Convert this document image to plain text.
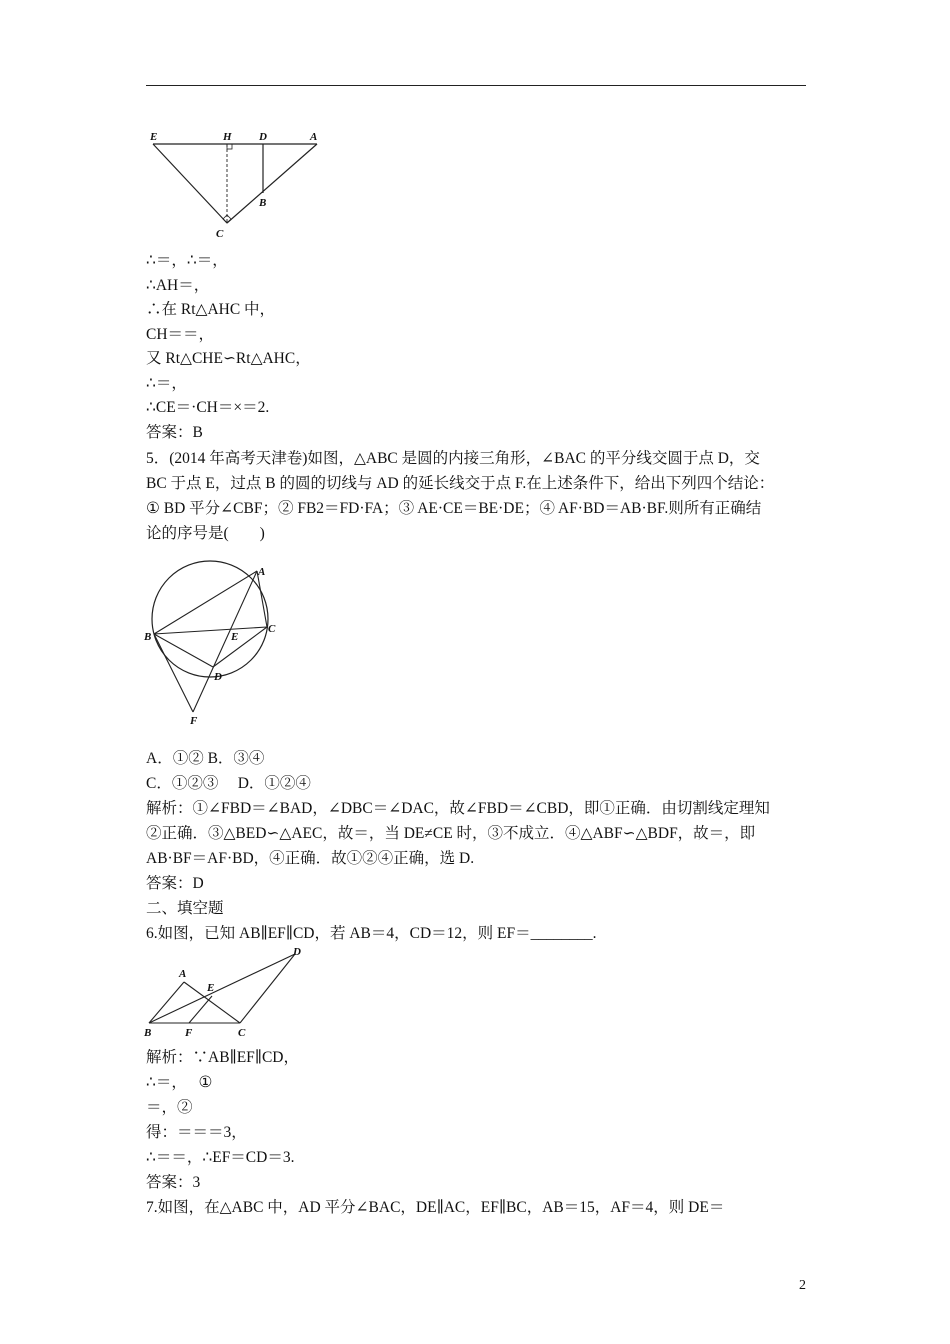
E	H D	A
B
C
∴＝，∴＝，
∴AH＝，
∴在 Rt△AHC 中，
CH＝＝，
又 Rt△CHE∽Rt△AHC，
∴＝，
∴CE＝·CH＝×＝2.
答案：B
5．(2014 年高考天津卷)如图，△ABC 是圆的内接三角形，∠BAC 的平分线交圆于点 D，交
BC 于点 E，过点 B 的圆的切线与 AD 的延长线交于点 F.在上述条件下，给出下列四个结论：
① BD 平分∠CBF；② FB2＝FD·FA；③ AE·CE＝BE·DE；④ AF·BD＝AB·BF.则所有正确结
论的序号是(　　)
A
B	E
C
D
F
A．①② B．③④
C．①②③　 D．①②④
解析：①∠FBD＝∠BAD，∠DBC＝∠DAC，故∠FBD＝∠CBD，即①正确．由切割线定理知
②正确．③△BED∽△AEC，故＝，当 DE≠CE 时，③不成立．④△ABF∽△BDF，故＝，即
AB·BF＝AF·BD，④正确．故①②④正确，选 D.
答案：D
二、填空题
6.如图，已知 AB∥EF∥CD，若 AB＝4，CD＝12，则 EF＝________.
A
D
E
B	F	C
解析：∵AB∥EF∥CD，
∴＝，　 ①
＝，②
得：＝＝＝3，
∴＝＝，∴EF＝CD＝3.
答案：3
7.如图，在△ABC 中，AD 平分∠BAC，DE∥AC，EF∥BC，AB＝15，AF＝4，则 DE＝
2
